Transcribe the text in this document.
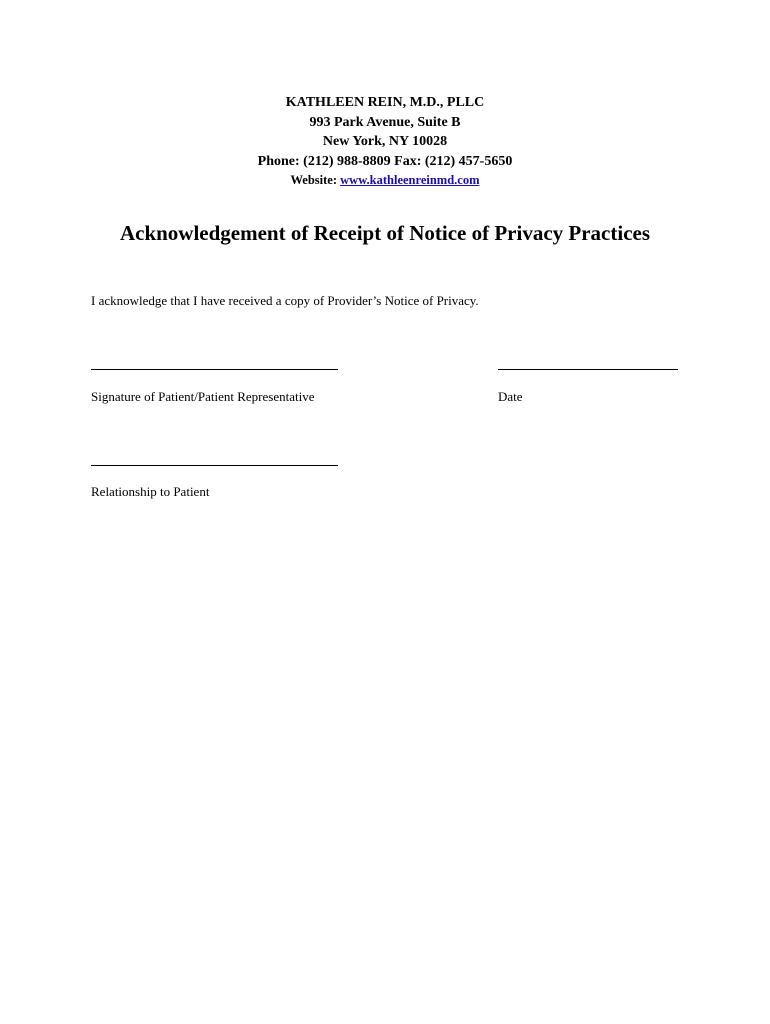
KATHLEEN REIN, M.D., PLLC
993 Park Avenue, Suite B
New York, NY 10028
Phone: (212) 988-8809 Fax: (212) 457-5650
Website: www.kathleenreinmd.com
Acknowledgement of Receipt of Notice of Privacy Practices
I acknowledge that I have received a copy of Provider’s Notice of Privacy.
Signature of Patient/Patient Representative	Date
Relationship to Patient
